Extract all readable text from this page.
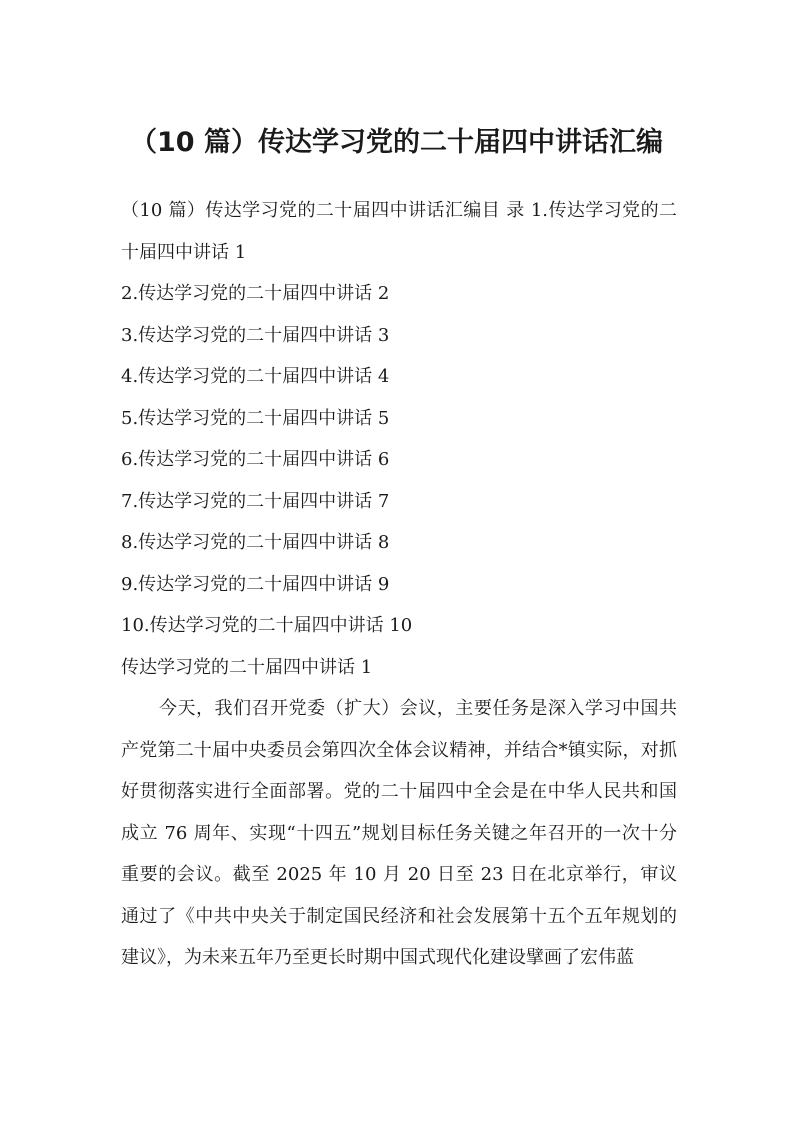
（10 篇）传达学习党的二十届四中讲话汇编

（10 篇）传达学习党的二十届四中讲话汇编目 录 1.传达学习党的二十届四中讲话 1

2.传达学习党的二十届四中讲话 2

3.传达学习党的二十届四中讲话 3

4.传达学习党的二十届四中讲话 4

5.传达学习党的二十届四中讲话 5

6.传达学习党的二十届四中讲话 6

7.传达学习党的二十届四中讲话 7

8.传达学习党的二十届四中讲话 8

9.传达学习党的二十届四中讲话 9

10.传达学习党的二十届四中讲话 10

传达学习党的二十届四中讲话 1

今天，我们召开党委（扩大）会议，主要任务是深入学习中国共产党第二十届中央委员会第四次全体会议精神，并结合*镇实际，对抓好贯彻落实进行全面部署。党的二十届四中全会是在中华人民共和国成立 76 周年、实现“十四五”规划目标任务关键之年召开的一次十分重要的会议。截至 2025 年 10 月 20 日至 23 日在北京举行，审议通过了《中共中央关于制定国民经济和社会发展第十五个五年规划的建议》，为未来五年乃至更长时期中国式现代化建设擘画了宏伟蓝
